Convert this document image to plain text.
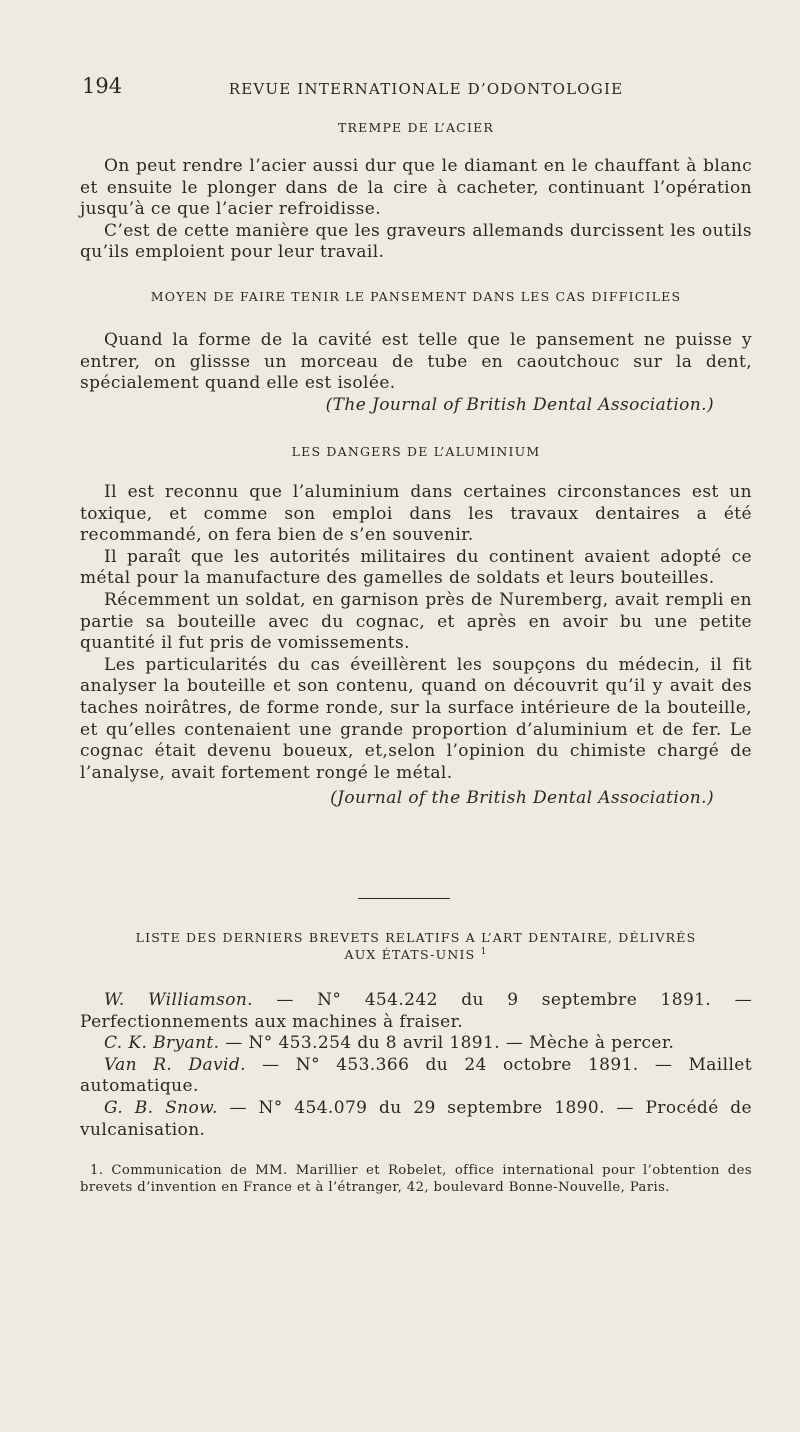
194	REVUE INTERNATIONALE D’ODONTOLOGIE
TREMPE DE L’ACIER

On peut rendre l’acier aussi dur que le diamant en le chauffant à blanc et ensuite le plonger dans de la cire à cacheter, continuant l’opération jusqu’à ce que l’acier refroidisse.

C’est de cette manière que les graveurs allemands durcissent les outils qu’ils emploient pour leur travail.

MOYEN DE FAIRE TENIR LE PANSEMENT DANS LES CAS DIFFICILES

Quand la forme de la cavité est telle que le pansement ne puisse y entrer, on glissse un morceau de tube en caoutchouc sur la dent, spécialement quand elle est isolée.

(The Journal of British Dental Association.)

LES DANGERS DE L’ALUMINIUM

Il est reconnu que l’aluminium dans certaines circonstances est un toxique, et comme son emploi dans les travaux dentaires a été recommandé, on fera bien de s’en souvenir.

Il paraît que les autorités militaires du continent avaient adopté ce métal pour la manufacture des gamelles de soldats et leurs bouteilles.

Récemment un soldat, en garnison près de Nuremberg, avait rempli en partie sa bouteille avec du cognac, et après en avoir bu une petite quantité il fut pris de vomissements.

Les particularités du cas éveillèrent les soupçons du médecin, il fit analyser la bouteille et son contenu, quand on découvrit qu’il y avait des taches noirâtres, de forme ronde, sur la surface intérieure de la bouteille, et qu’elles contenaient une grande proportion d’aluminium et de fer. Le cognac était devenu boueux, et,selon l’opinion du chimiste chargé de l’analyse, avait fortement rongé le métal.

(Journal of the British Dental Association.)

LISTE DES DERNIERS BREVETS RELATIFS A L’ART DENTAIRE, DÉLIVRÉS
AUX ÉTATS-UNIS $^1$

W. Williamson. — N° 454.242 du 9 septembre 1891. — Perfectionnements aux machines à fraiser.

C. K. Bryant. — N° 453.254 du 8 avril 1891. — Mèche à percer.

Van R. David. — N° 453.366 du 24 octobre 1891. — Maillet automatique.

G. B. Snow. — N° 454.079 du 29 septembre 1890. — Procédé de vulcanisation.

1. Communication de MM. Marillier et Robelet, office international pour l’obtention des brevets d’invention en France et à l’étranger, 42, boulevard Bonne-Nouvelle, Paris.
